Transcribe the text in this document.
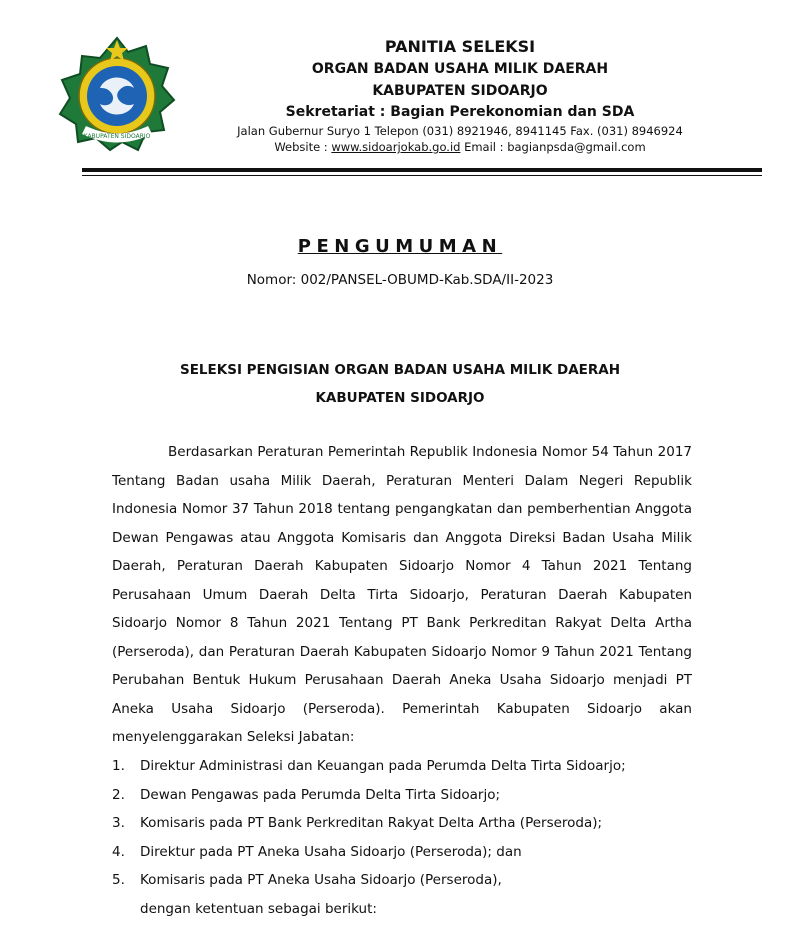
KABUPATEN SIDOARJO
PANITIA SELEKSI
ORGAN BADAN USAHA MILIK DAERAH
KABUPATEN SIDOARJO
Sekretariat : Bagian Perekonomian dan SDA
Jalan Gubernur Suryo 1 Telepon (031) 8921946, 8941145 Fax. (031) 8946924
Website : www.sidoarjokab.go.id Email : bagianpsda@gmail.com
PENGUMUMAN
Nomor: 002/PANSEL-OBUMD-Kab.SDA/II-2023
SELEKSI PENGISIAN ORGAN BADAN USAHA MILIK DAERAH
KABUPATEN SIDOARJO

Berdasarkan Peraturan Pemerintah Republik Indonesia Nomor 54 Tahun 2017 Tentang Badan usaha Milik Daerah, Peraturan Menteri Dalam Negeri Republik Indonesia Nomor 37 Tahun 2018 tentang pengangkatan dan pemberhentian Anggota Dewan Pengawas atau Anggota Komisaris dan Anggota Direksi Badan Usaha Milik Daerah, Peraturan Daerah Kabupaten Sidoarjo Nomor 4 Tahun 2021 Tentang Perusahaan Umum Daerah Delta Tirta Sidoarjo, Peraturan Daerah Kabupaten Sidoarjo Nomor 8 Tahun 2021 Tentang PT Bank Perkreditan Rakyat Delta Artha (Perseroda), dan Peraturan Daerah Kabupaten Sidoarjo Nomor 9 Tahun 2021 Tentang Perubahan Bentuk Hukum Perusahaan Daerah Aneka Usaha Sidoarjo menjadi PT Aneka Usaha Sidoarjo (Perseroda). Pemerintah Kabupaten Sidoarjo akan menyelenggarakan Seleksi Jabatan:

1.	Direktur Administrasi dan Keuangan pada Perumda Delta Tirta Sidoarjo;
2.	Dewan Pengawas pada Perumda Delta Tirta Sidoarjo;
3.	Komisaris pada PT Bank Perkreditan Rakyat Delta Artha (Perseroda);
4.	Direktur pada PT Aneka Usaha Sidoarjo (Perseroda); dan
5.	Komisaris pada PT Aneka Usaha Sidoarjo (Perseroda),
dengan ketentuan sebagai berikut:
